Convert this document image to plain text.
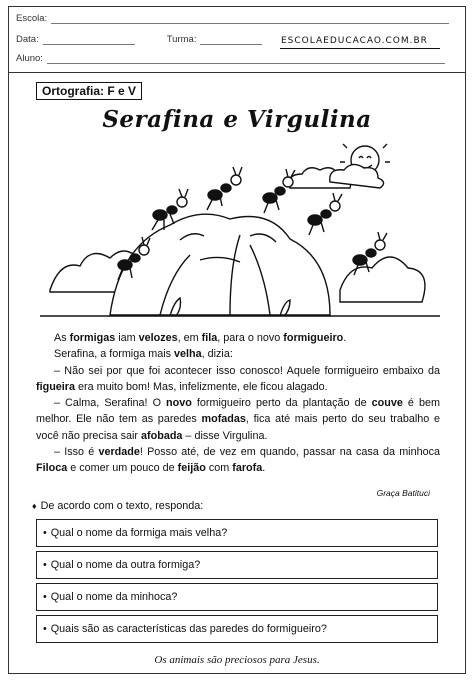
Escola:
Data:	Turma:	ESCOLAEDUCACAO.COM.BR
Aluno:
Ortografia: F e V
Serafina e Virgulina

As formigas iam velozes, em fila, para o novo formigueiro.

Serafina, a formiga mais velha, dizia:

– Não sei por que foi acontecer isso conosco! Aquele formigueiro embaixo da figueira era muito bom! Mas, infelizmente, ele ficou alagado.

– Calma, Serafina! O novo formigueiro perto da plantação de couve é bem melhor. Ele não tem as paredes mofadas, fica até mais perto do seu trabalho e você não precisa sair afobada – disse Virgulina.

– Isso é verdade! Posso até, de vez em quando, passar na casa da minhoca Filoca e comer um pouco de feijão com farofa.

Graça Batituci
♦ De acordo com o texto, responda:
• Qual o nome da formiga mais velha?
• Qual o nome da outra formiga?
• Qual o nome da minhoca?
• Quais são as características das paredes do formigueiro?
Os animais são preciosos para Jesus.
